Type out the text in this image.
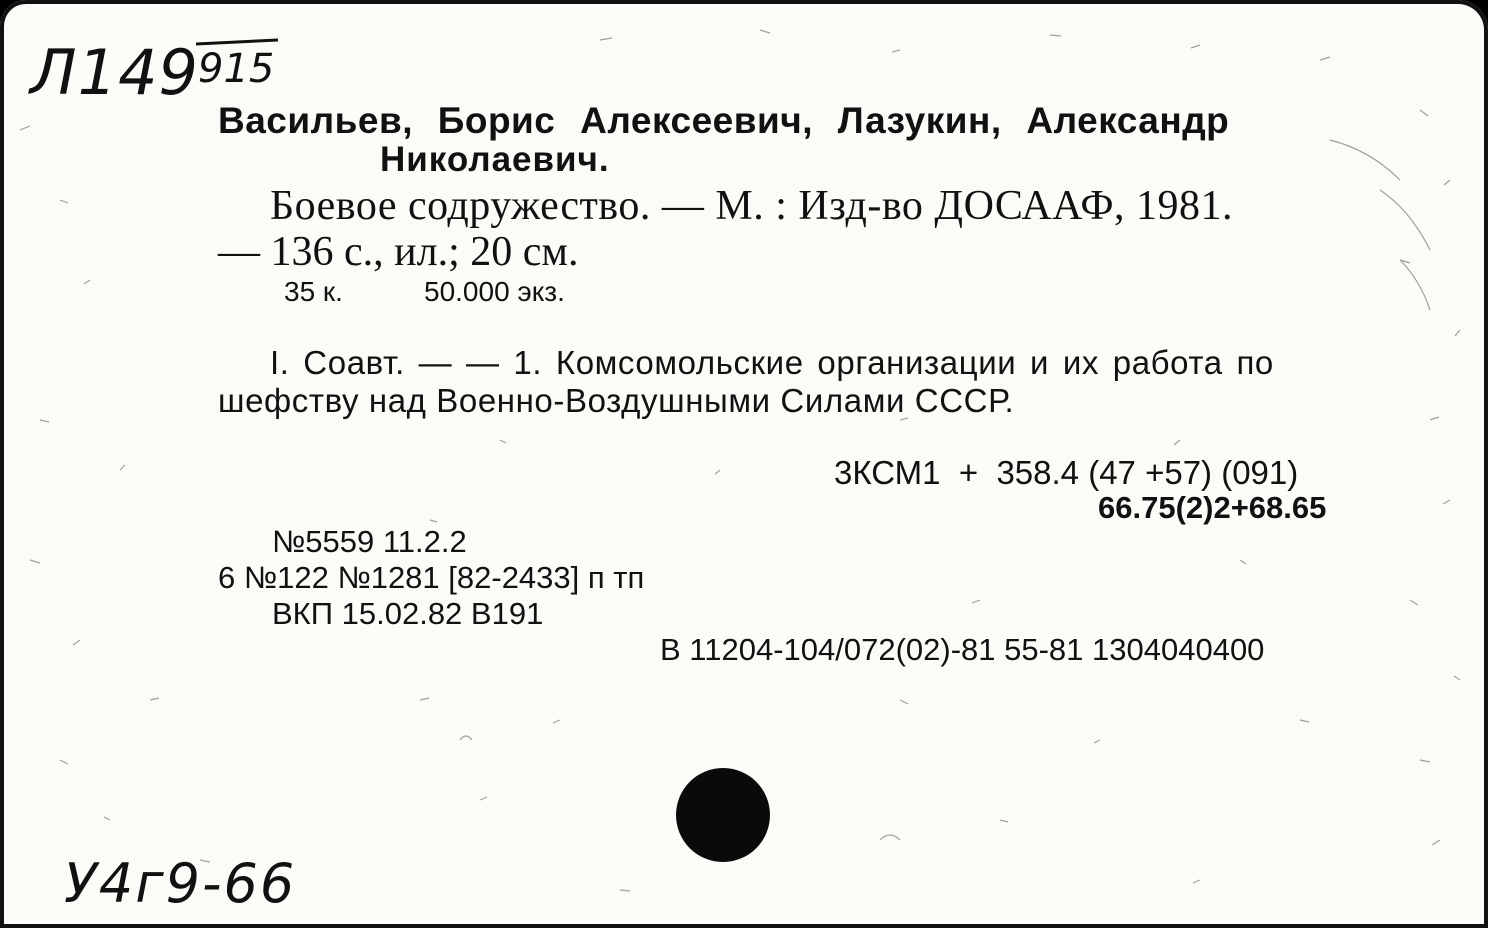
Л149 915
Васильев, Борис Алексеевич, Лазукин, Александр
Николаевич.
Боевое содружество. — М. : Изд-во ДОСААФ, 1981.
— 136 с., ил.; 20 см.
35 к.	50.000 экз.
I. Соавт. — — 1. Комсомольские организации и их работа по
шефству над Военно-Воздушными Силами СССР.
3КСМ1  +  358.4 (47 +57) (091)
66.75(2)2+68.65
№5559 11.2.2
6 №122 №1281 [82-2433] п тп
ВКП 15.02.82 В191
В 11204-104/072(02)-81 55-81 1304040400
У4г9-66
